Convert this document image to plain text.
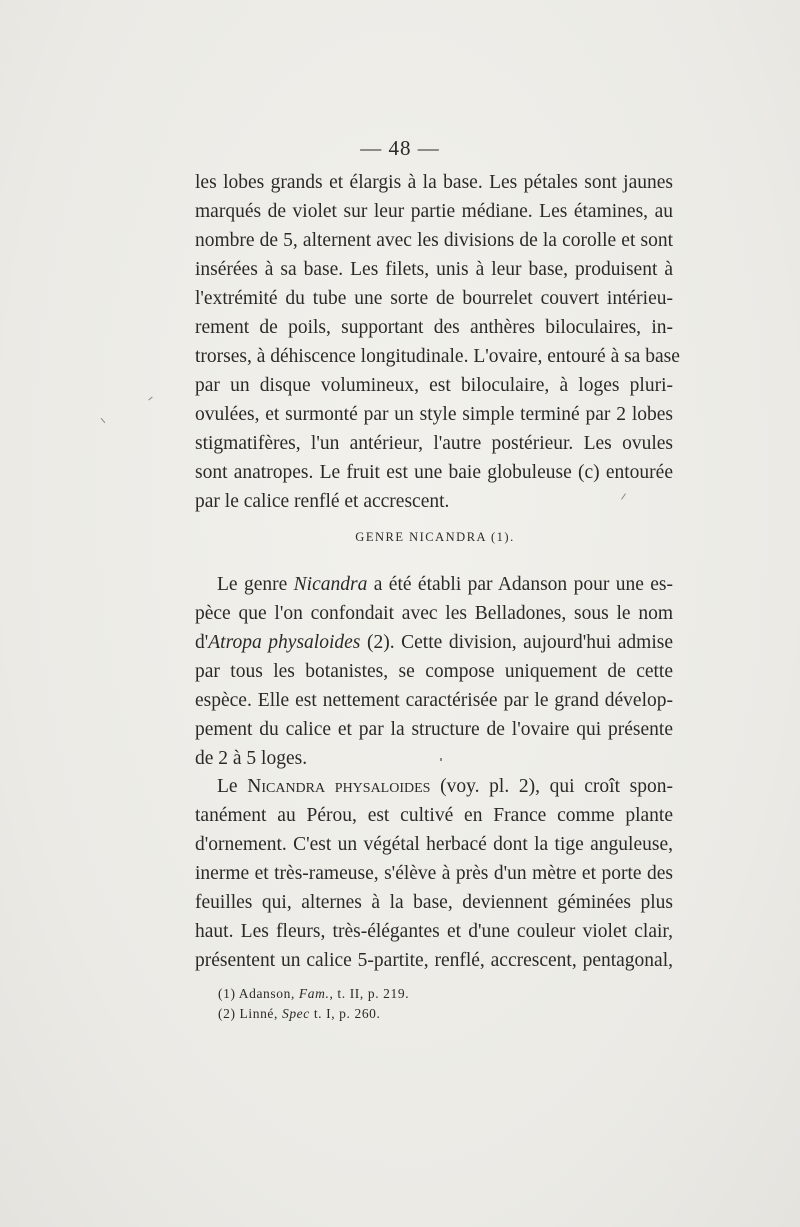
— 48 —
les lobes grands et élargis à la base. Les pétales sont jaunes
marqués de violet sur leur partie médiane. Les étamines, au
nombre de 5, alternent avec les divisions de la corolle et sont
insérées à sa base. Les filets, unis à leur base, produisent à
l'extrémité du tube une sorte de bourrelet couvert intérieu-
rement de poils, supportant des anthères biloculaires, in-
trorses, à déhiscence longitudinale. L'ovaire, entouré à sa base
par un disque volumineux, est biloculaire, à loges pluri-
ovulées, et surmonté par un style simple terminé par 2 lobes
stigmatifères, l'un antérieur, l'autre postérieur. Les ovules
sont anatropes. Le fruit est une baie globuleuse (c) entourée
par le calice renflé et accrescent.
GENRE NICANDRA (1).
Le genre Nicandra a été établi par Adanson pour une es-
pèce que l'on confondait avec les Belladones, sous le nom
d'Atropa physaloides (2). Cette division, aujourd'hui admise
par tous les botanistes, se compose uniquement de cette
espèce. Elle est nettement caractérisée par le grand dévelop-
pement du calice et par la structure de l'ovaire qui présente
de 2 à 5 loges.
Le Nicandra physaloides (voy. pl. 2), qui croît spon-
tanément au Pérou, est cultivé en France comme plante
d'ornement. C'est un végétal herbacé dont la tige anguleuse,
inerme et très-rameuse, s'élève à près d'un mètre et porte des
feuilles qui, alternes à la base, deviennent géminées plus
haut. Les fleurs, très-élégantes et d'une couleur violet clair,
présentent un calice 5-partite, renflé, accrescent, pentagonal,
(1) Adanson, Fam., t. II, p. 219.
(2) Linné, Spec t. I, p. 260.
